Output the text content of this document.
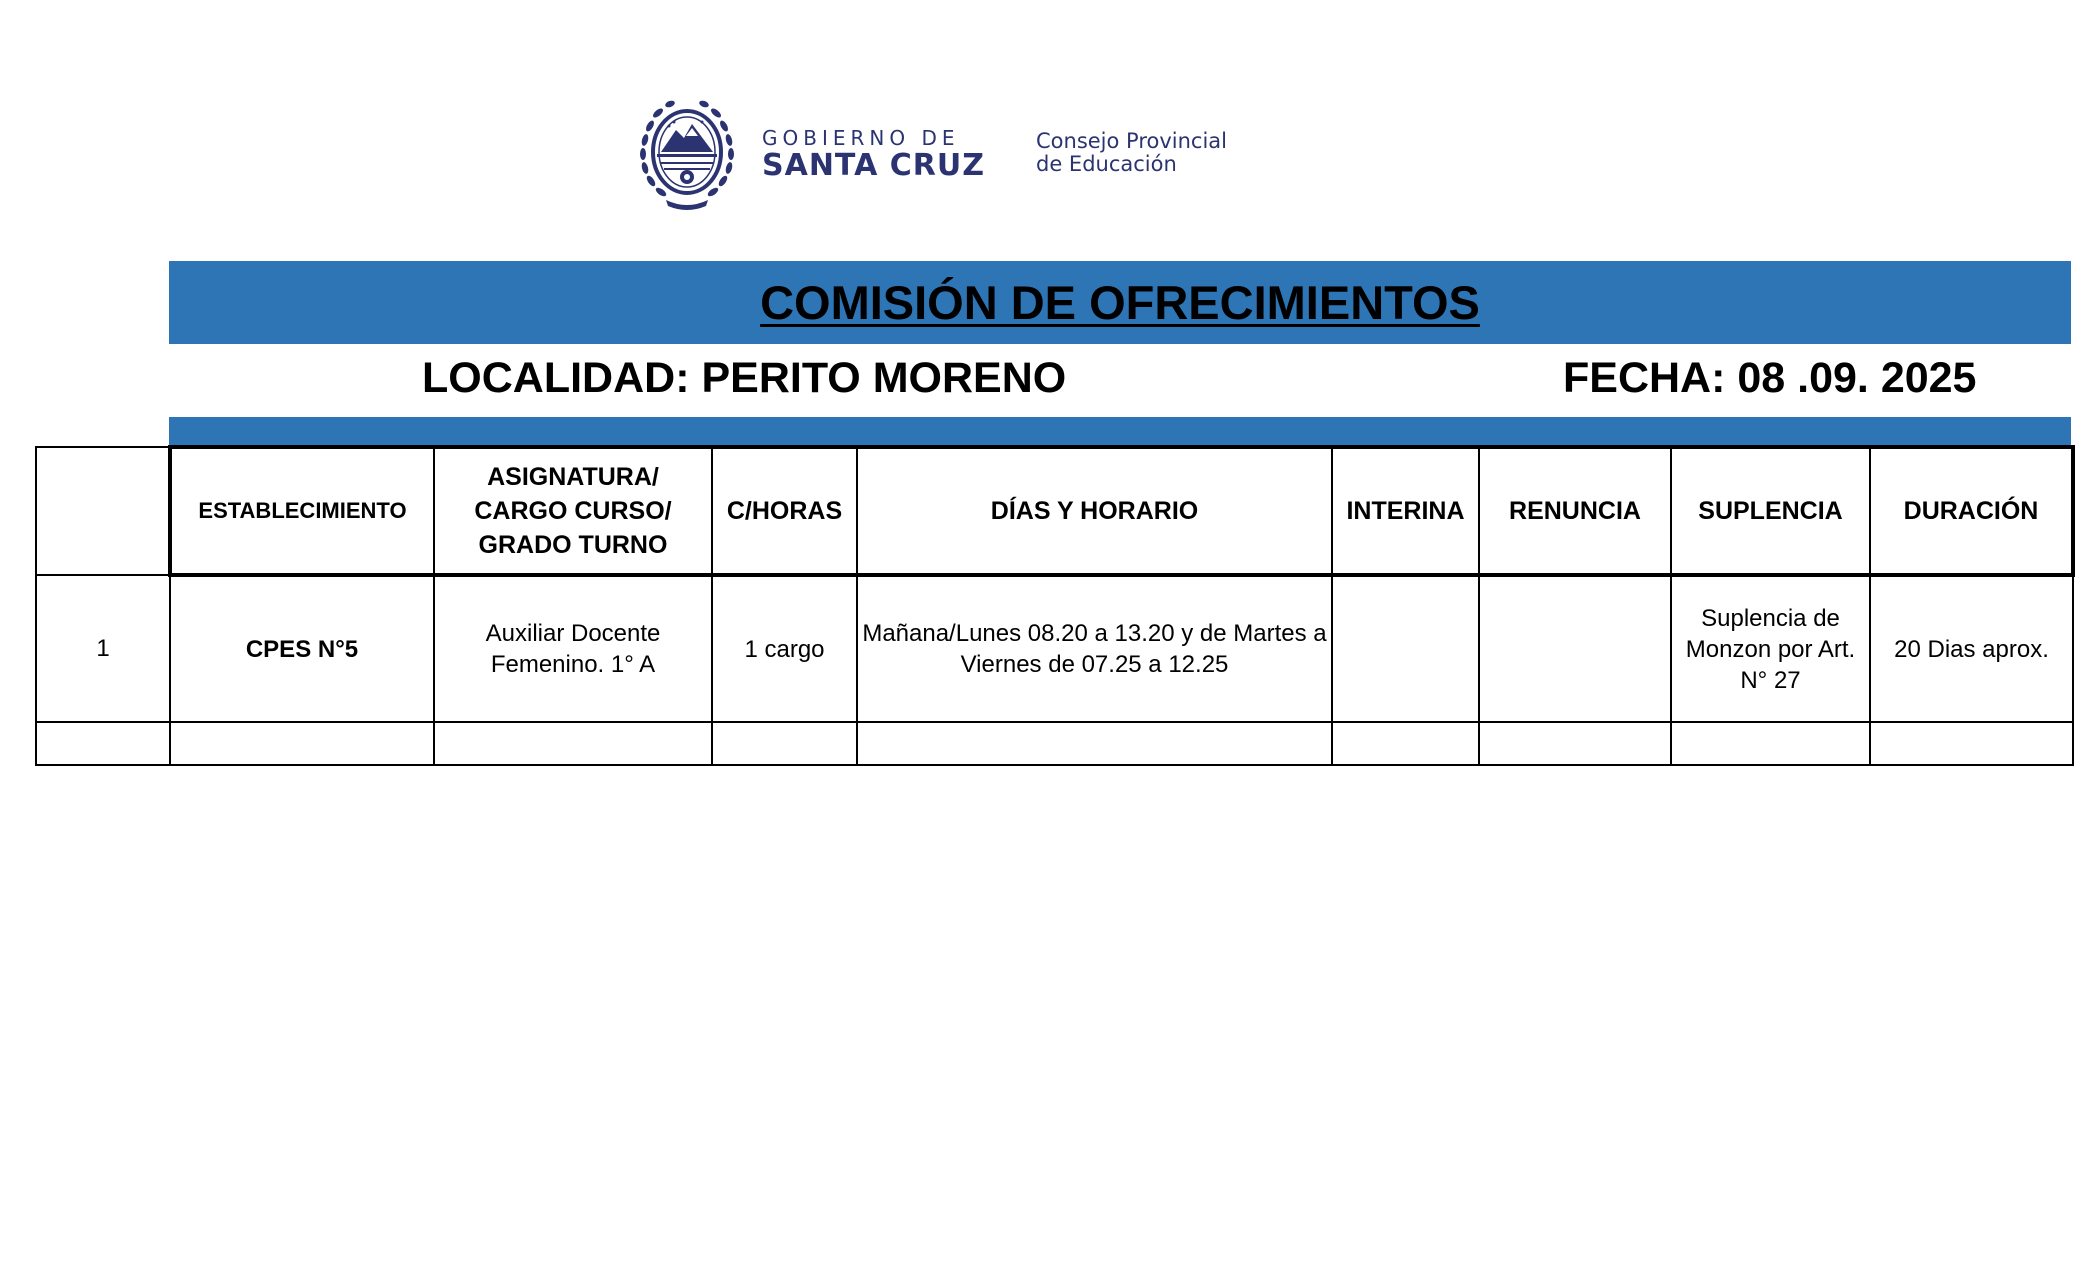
GOBIERNO DE
SANTA CRUZ
Consejo Provincial
de Educación
COMISIÓN DE OFRECIMIENTOS
LOCALIDAD: PERITO MORENO	FECHA: 08 .09. 2025
	ESTABLECIMIENTO	ASIGNATURA/ CARGO CURSO/ GRADO TURNO	C/HORAS	DÍAS Y HORARIO	INTERINA	RENUNCIA	SUPLENCIA	DURACIÓN
1	CPES N°5	Auxiliar Docente Femenino. 1° A	1 cargo	Mañana/Lunes 08.20 a 13.20 y de Martes a Viernes de 07.25 a 12.25			Suplencia de Monzon por Art. N° 27	20 Dias aprox.
